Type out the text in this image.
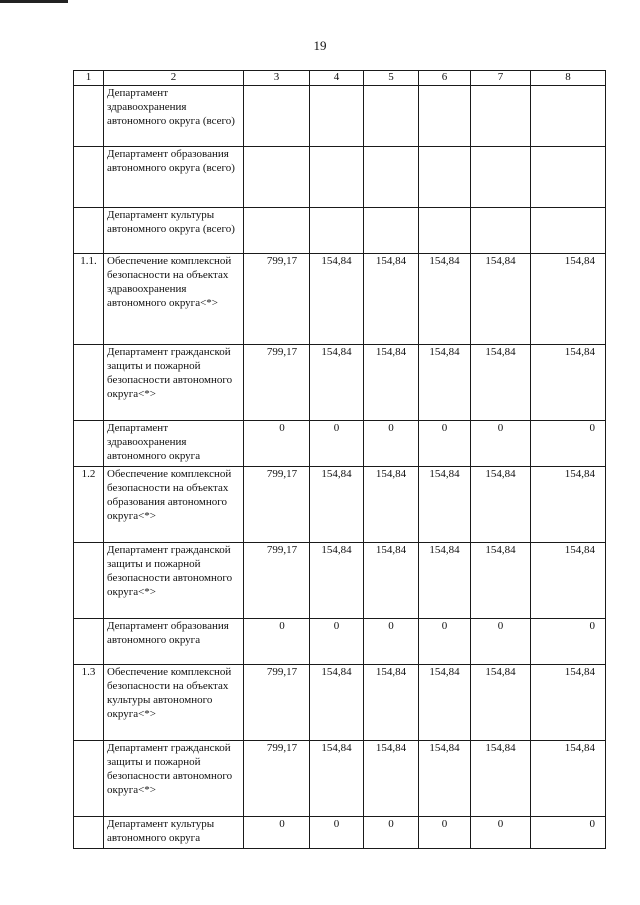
19
1	2	3	4	5	6	7	8
	Департамент здравоохранения автономного округа (всего)						
	Департамент образования автономного округа (всего)						
	Департамент культуры автономного округа (всего)						
1.1.	Обеспечение комплексной безопасности на объектах здравоохранения автономного округа<*>	799,17	154,84	154,84	154,84	154,84	154,84
	Департамент гражданской защиты и пожарной безопасности автономного округа<*>	799,17	154,84	154,84	154,84	154,84	154,84
	Департамент здравоохранения автономного округа	0	0	0	0	0	0
1.2	Обеспечение комплексной безопасности на объектах образования автономного округа<*>	799,17	154,84	154,84	154,84	154,84	154,84
	Департамент гражданской защиты и пожарной безопасности автономного округа<*>	799,17	154,84	154,84	154,84	154,84	154,84
	Департамент образования автономного округа	0	0	0	0	0	0
1.3	Обеспечение комплексной безопасности на объектах культуры автономного округа<*>	799,17	154,84	154,84	154,84	154,84	154,84
	Департамент гражданской защиты и пожарной безопасности автономного округа<*>	799,17	154,84	154,84	154,84	154,84	154,84
	Департамент культуры автономного округа	0	0	0	0	0	0
